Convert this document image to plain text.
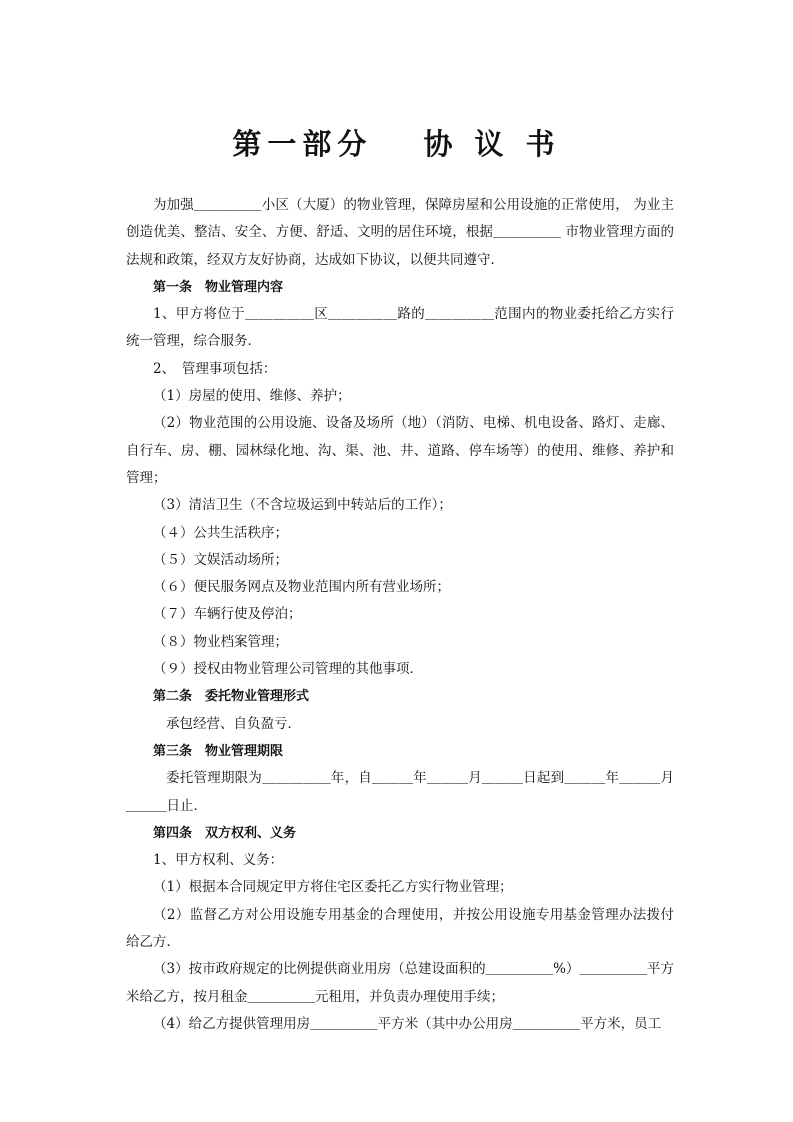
第一部分　 协 议 书

为加强＿＿＿＿＿小区（大厦）的物业管理，保障房屋和公用设施的正常使用， 为业主创造优美、整洁、安全、方便、舒适、文明的居住环境，根据＿＿＿＿＿ 市物业管理方面的法规和政策，经双方友好协商，达成如下协议，以便共同遵守．

第一条　物业管理内容

1、甲方将位于＿＿＿＿＿区＿＿＿＿＿路的＿＿＿＿＿范围内的物业委托给乙方实行统一管理，综合服务．

2、　管理事项包括：

（1）房屋的使用、维修、养护；

（2）物业范围的公用设施、设备及场所（地）（消防、电梯、机电设备、路灯、走廊、自行车、房、棚、园林绿化地、沟、渠、池、井、道路、停车场等）的使用、维修、养护和管理；

（3）清洁卫生（不含垃圾运到中转站后的工作）；

（４）公共生活秩序；

（５）文娱活动场所；

（６）便民服务网点及物业范围内所有营业场所；

（７）车辆行使及停泊；

（８）物业档案管理；

（９）授权由物业管理公司管理的其他事项．

第二条　委托物业管理形式

承包经营、自负盈亏．

第三条　物业管理期限

委托管理期限为＿＿＿＿＿年，自＿＿＿年＿＿＿月＿＿＿日起到＿＿＿年＿＿＿月＿＿＿日止．

第四条　双方权利、义务

1、甲方权利、义务：

（1）根据本合同规定甲方将住宅区委托乙方实行物业管理；

（2）监督乙方对公用设施专用基金的合理使用，并按公用设施专用基金管理办法拨付给乙方．

（3）按市政府规定的比例提供商业用房（总建设面积的＿＿＿＿＿%）＿＿＿＿＿平方米给乙方，按月租金＿＿＿＿＿元租用，并负责办理使用手续；

（4）给乙方提供管理用房＿＿＿＿＿平方米（其中办公用房＿＿＿＿＿平方米，员工
